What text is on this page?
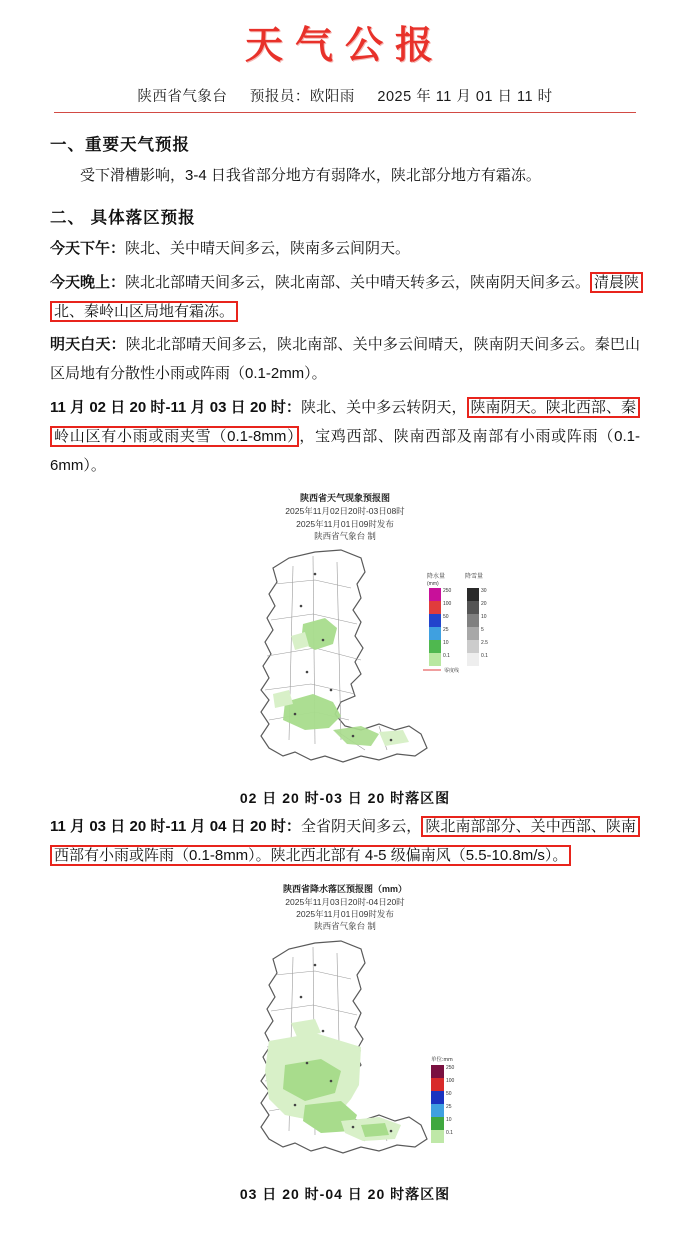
天气公报
陕西省气象台 预报员：欧阳雨 2025 年 11 月 01 日 11 时
一、重要天气预报

受下滑槽影响，3-4 日我省部分地方有弱降水，陕北部分地方有霜冻。

二、 具体落区预报

今天下午：陕北、关中晴天间多云，陕南多云间阴天。

今天晚上：陕北北部晴天间多云，陕北南部、关中晴天转多云，陕南阴天间多云。 清晨陕北、秦岭山区局地有霜冻。

明天白天：陕北北部晴天间多云，陕北南部、关中多云间晴天，陕南阴天间多云。秦巴山区局地有分散性小雨或阵雨（0.1-2mm）。

11 月 02 日 20 时-11 月 03 日 20 时：陕北、关中多云转阴天， 陕南阴天。陕北西部、秦岭山区有小雨或雨夹雪（0.1-8mm） ，宝鸡西部、陕南西部及南部有小雨或阵雨（0.1-6mm）。

陕西省天气现象预报图
2025年11月02日20时-03日08时
2025年11月01日09时发布
陕西省气象台 制
降水量	降雪量
(mm)
250
100
50
25
10
0.1
30
20
10
5
2.5
0.1
零度线
02 日 20 时-03 日 20 时落区图

11 月 03 日 20 时-11 月 04 日 20 时：全省阴天间多云， 陕北南部部分、关中西部、陕南西部有小雨或阵雨（0.1-8mm）。陕北西北部有 4-5 级偏南风（5.5-10.8m/s）。

陕西省降水落区预报图（mm）
2025年11月03日20时-04日20时
2025年11月01日09时发布
陕西省气象台 制
单位:mm
250
100
50
25
10
0.1
03 日 20 时-04 日 20 时落区图
